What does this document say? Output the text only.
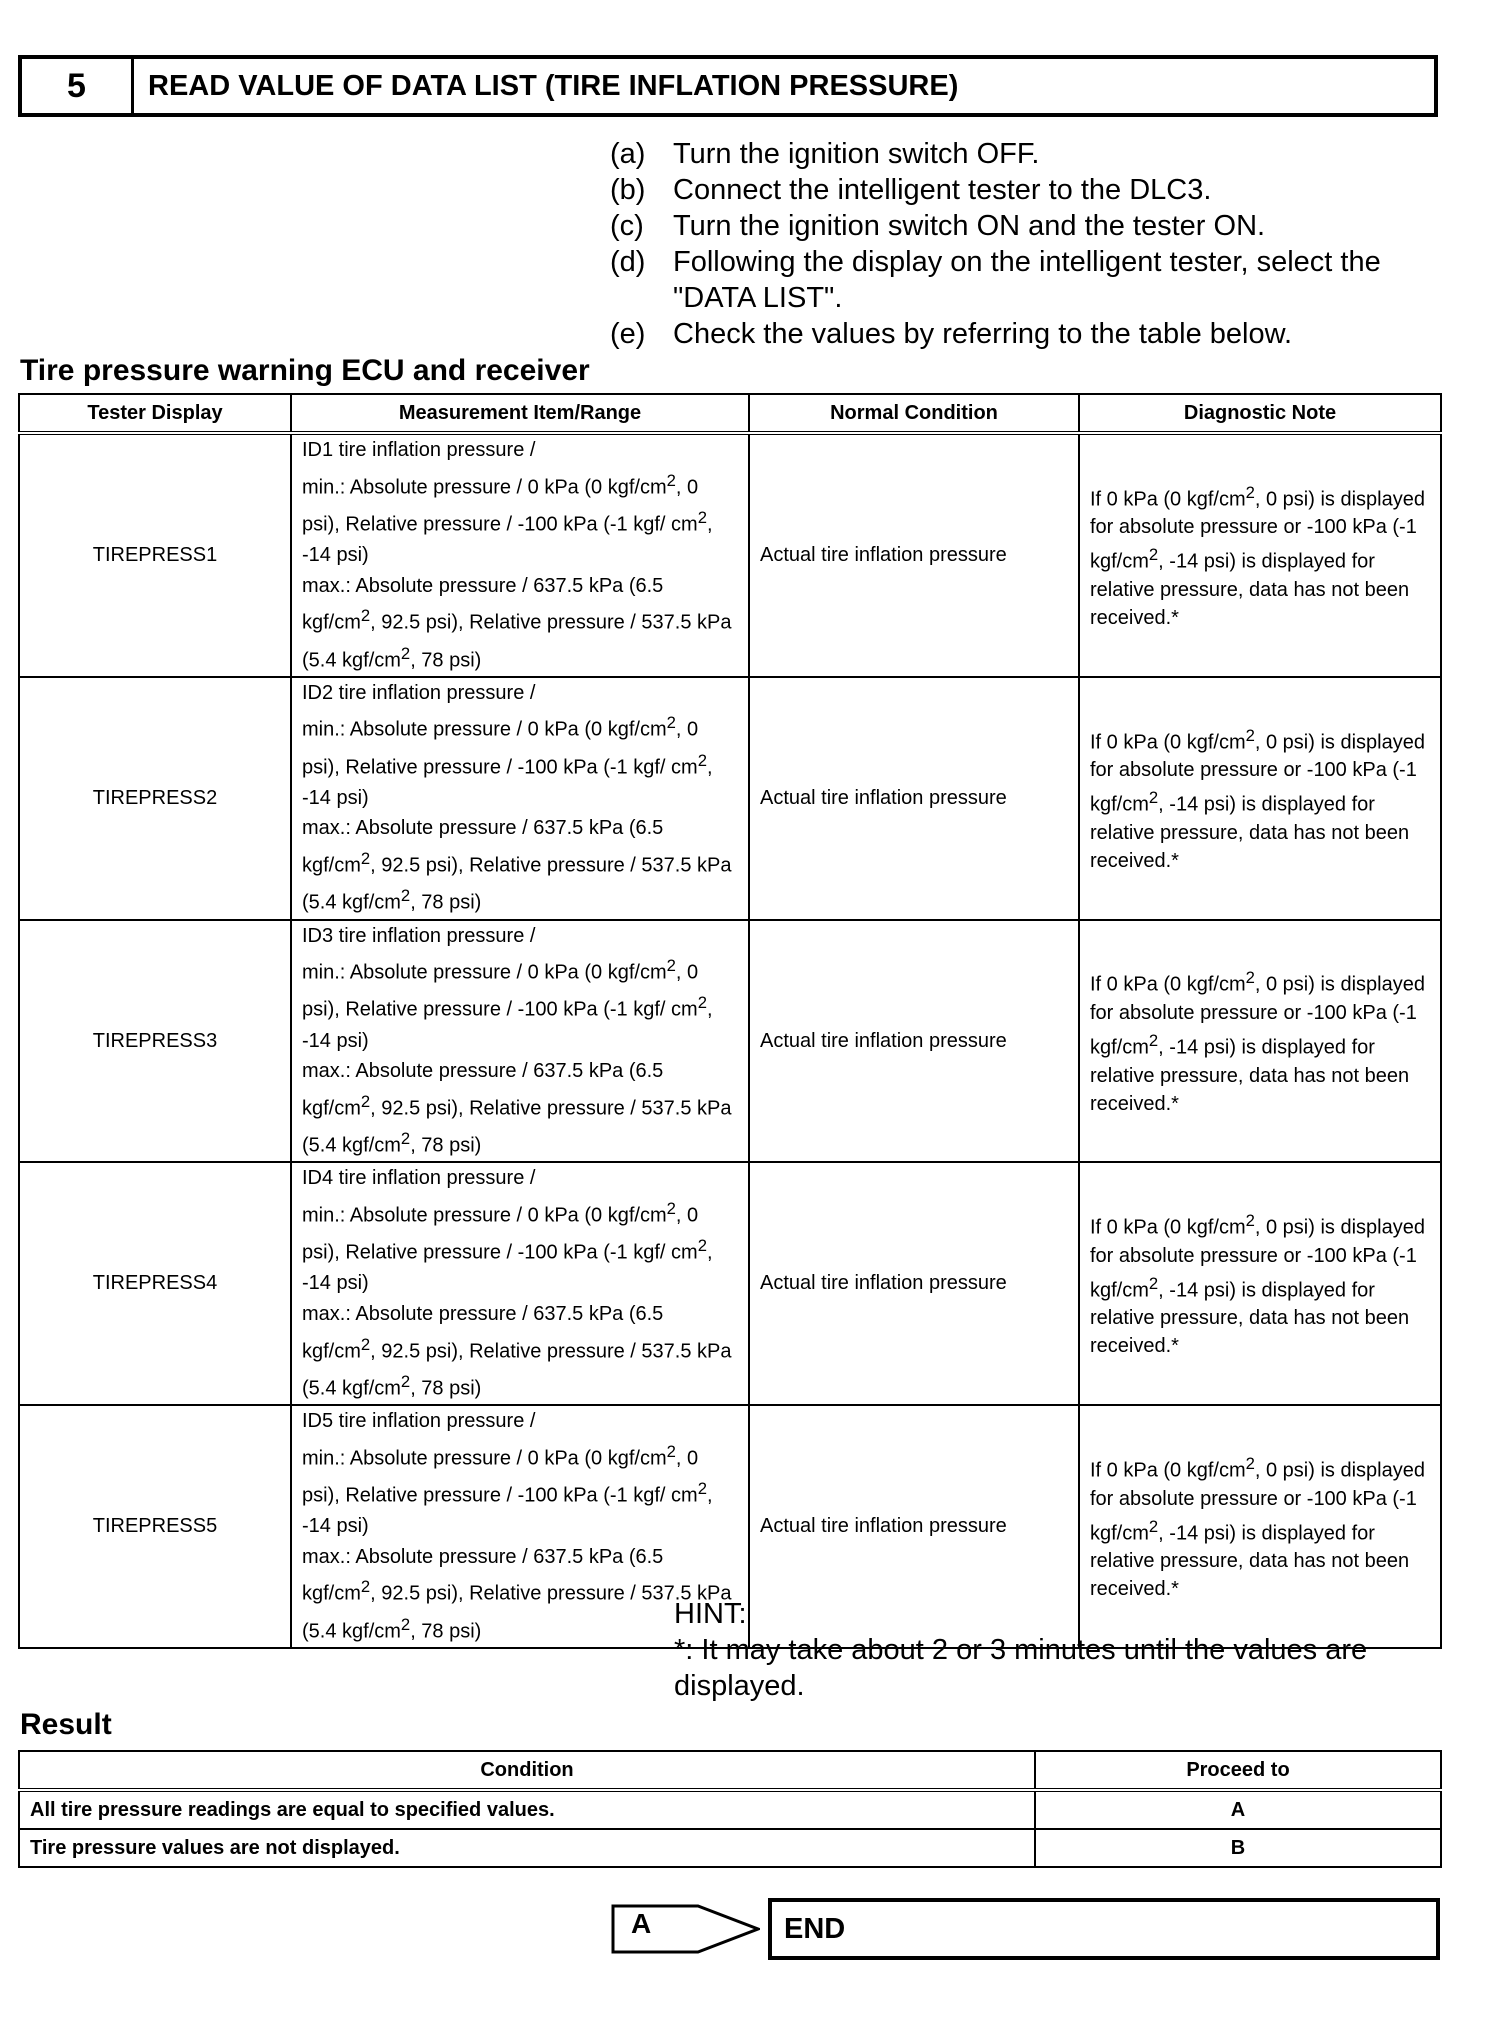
5	READ VALUE OF DATA LIST (TIRE INFLATION PRESSURE)
(a) Turn the ignition switch OFF.
(b) Connect the intelligent tester to the DLC3.
(c)	Turn the ignition switch ON and the tester ON.
(d) Following the display on the intelligent tester, select the "DATA LIST".
(e) Check the values by referring to the table below.
Tire pressure warning ECU and receiver
Tester Display	Measurement Item/Range	Normal Condition	Diagnostic Note
TIREPRESS1	ID1 tire inflation pressure /
min.: Absolute pressure / 0 kPa (0 kgf/$cm^2$, 0 psi), Relative pressure / -100 kPa (-1 kgf/ $cm^2$, -14 psi)
max.: Absolute pressure / 637.5 kPa (6.5 kgf/$cm^2$, 92.5 psi), Relative pressure / 537.5 kPa (5.4 kgf/$cm^2$, 78 psi)	Actual tire inflation pressure	If 0 kPa (0 kgf/$cm^2$, 0 psi) is displayed for absolute pressure or -100 kPa (-1 kgf/$cm^2$, -14 psi) is displayed for relative pressure, data has not been received.*
TIREPRESS2	ID2 tire inflation pressure /
min.: Absolute pressure / 0 kPa (0 kgf/$cm^2$, 0 psi), Relative pressure / -100 kPa (-1 kgf/ $cm^2$, -14 psi)
max.: Absolute pressure / 637.5 kPa (6.5 kgf/$cm^2$, 92.5 psi), Relative pressure / 537.5 kPa (5.4 kgf/$cm^2$, 78 psi)	Actual tire inflation pressure	If 0 kPa (0 kgf/$cm^2$, 0 psi) is displayed for absolute pressure or -100 kPa (-1 kgf/$cm^2$, -14 psi) is displayed for relative pressure, data has not been received.*
TIREPRESS3	ID3 tire inflation pressure /
min.: Absolute pressure / 0 kPa (0 kgf/$cm^2$, 0 psi), Relative pressure / -100 kPa (-1 kgf/ $cm^2$, -14 psi)
max.: Absolute pressure / 637.5 kPa (6.5 kgf/$cm^2$, 92.5 psi), Relative pressure / 537.5 kPa (5.4 kgf/$cm^2$, 78 psi)	Actual tire inflation pressure	If 0 kPa (0 kgf/$cm^2$, 0 psi) is displayed for absolute pressure or -100 kPa (-1 kgf/$cm^2$, -14 psi) is displayed for relative pressure, data has not been received.*
TIREPRESS4	ID4 tire inflation pressure /
min.: Absolute pressure / 0 kPa (0 kgf/$cm^2$, 0 psi), Relative pressure / -100 kPa (-1 kgf/ $cm^2$, -14 psi)
max.: Absolute pressure / 637.5 kPa (6.5 kgf/$cm^2$, 92.5 psi), Relative pressure / 537.5 kPa (5.4 kgf/$cm^2$, 78 psi)	Actual tire inflation pressure	If 0 kPa (0 kgf/$cm^2$, 0 psi) is displayed for absolute pressure or -100 kPa (-1 kgf/$cm^2$, -14 psi) is displayed for relative pressure, data has not been received.*
TIREPRESS5	ID5 tire inflation pressure /
min.: Absolute pressure / 0 kPa (0 kgf/$cm^2$, 0 psi), Relative pressure / -100 kPa (-1 kgf/ $cm^2$, -14 psi)
max.: Absolute pressure / 637.5 kPa (6.5 kgf/$cm^2$, 92.5 psi), Relative pressure / 537.5 kPa (5.4 kgf/$cm^2$, 78 psi)	Actual tire inflation pressure	If 0 kPa (0 kgf/$cm^2$, 0 psi) is displayed for absolute pressure or -100 kPa (-1 kgf/$cm^2$, -14 psi) is displayed for relative pressure, data has not been received.*
HINT:
*: It may take about 2 or 3 minutes until the values are displayed.
Result
Condition	Proceed to
All tire pressure readings are equal to specified values.	A
Tire pressure values are not displayed.	B
A	END
